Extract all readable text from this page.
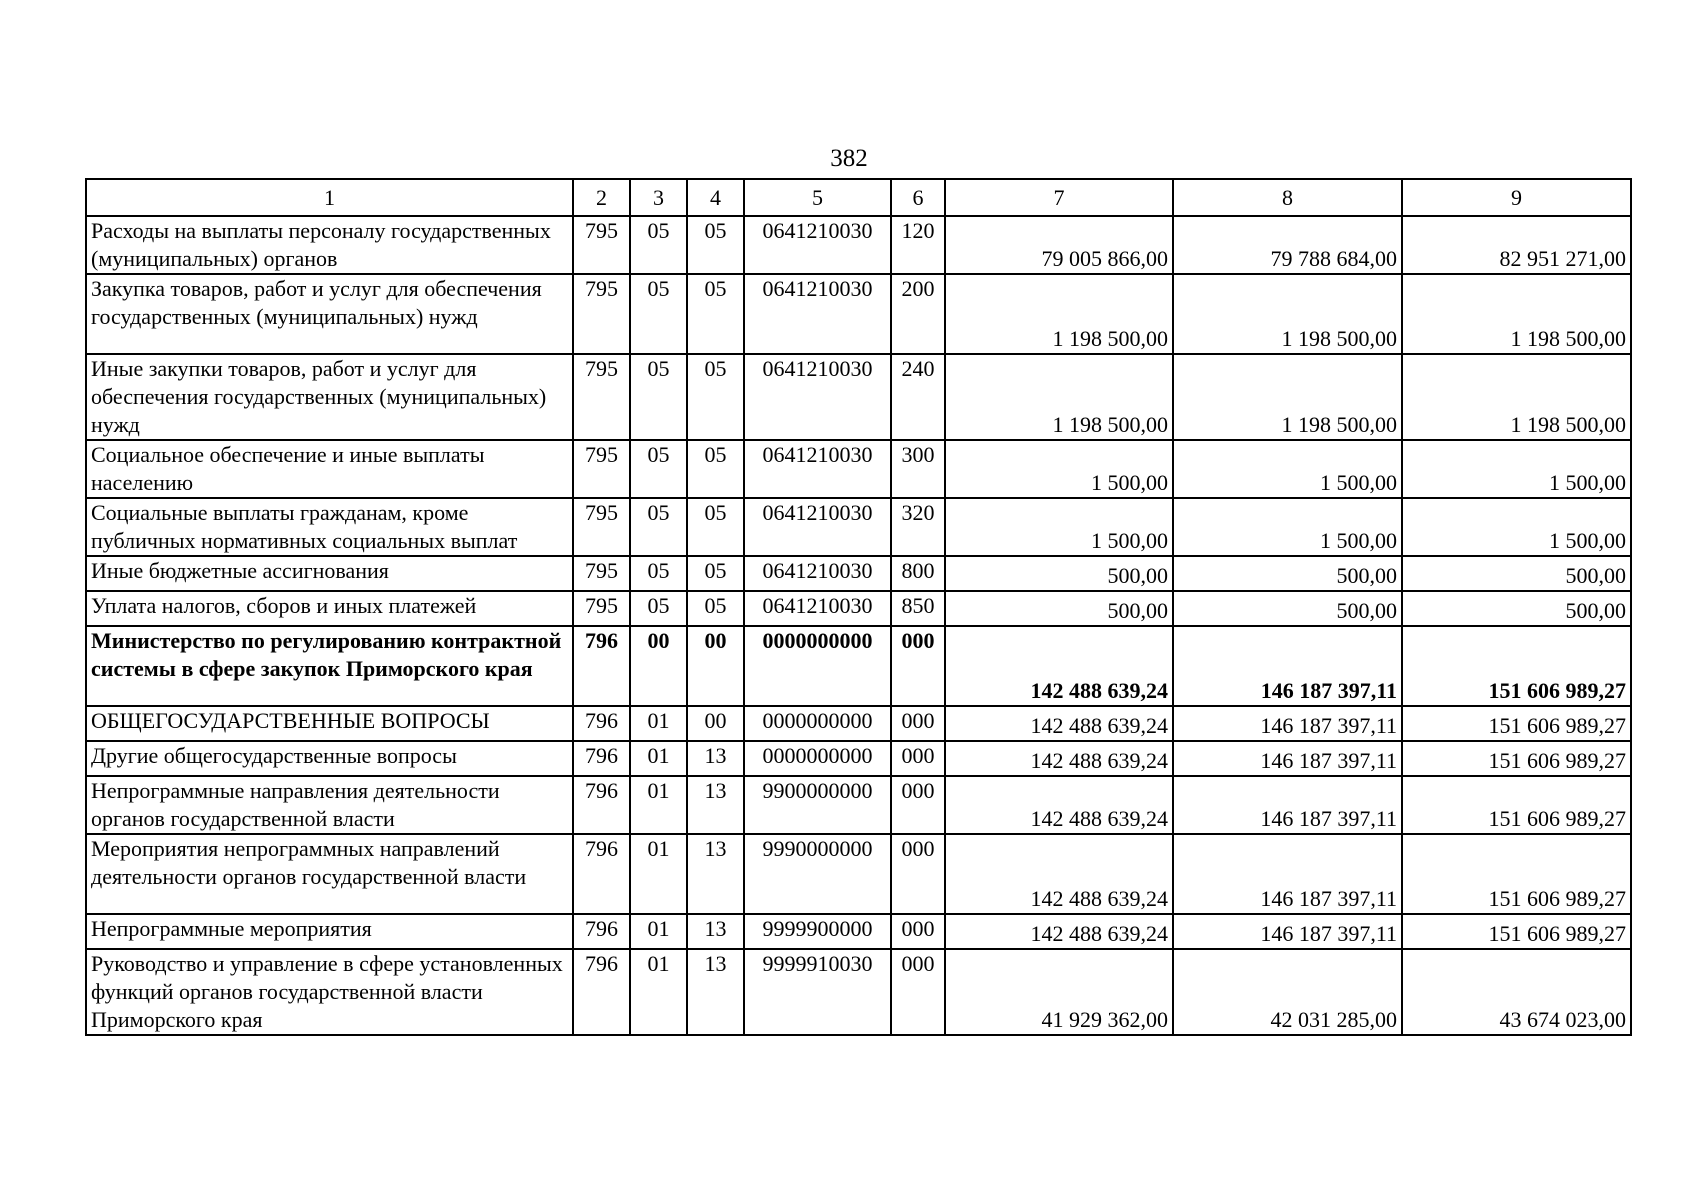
382
1	2	3	4	5	6	7	8	9
Расходы на выплаты персоналу государственных (муниципальных) органов	795	05	05	0641210030	120	79 005 866,00	79 788 684,00	82 951 271,00
Закупка товаров, работ и услуг для обеспечения государственных (муниципальных) нужд	795	05	05	0641210030	200	1 198 500,00	1 198 500,00	1 198 500,00
Иные закупки товаров, работ и услуг для обеспечения государственных (муниципальных) нужд	795	05	05	0641210030	240	1 198 500,00	1 198 500,00	1 198 500,00
Социальное обеспечение и иные выплаты населению	795	05	05	0641210030	300	1 500,00	1 500,00	1 500,00
Социальные выплаты гражданам, кроме публичных нормативных социальных выплат	795	05	05	0641210030	320	1 500,00	1 500,00	1 500,00
Иные бюджетные ассигнования	795	05	05	0641210030	800	500,00	500,00	500,00
Уплата налогов, сборов и иных платежей	795	05	05	0641210030	850	500,00	500,00	500,00
Министерство по регулированию контрактной системы в сфере закупок Приморского края	796	00	00	0000000000	000	142 488 639,24	146 187 397,11	151 606 989,27
ОБЩЕГОСУДАРСТВЕННЫЕ ВОПРОСЫ	796	01	00	0000000000	000	142 488 639,24	146 187 397,11	151 606 989,27
Другие общегосударственные вопросы	796	01	13	0000000000	000	142 488 639,24	146 187 397,11	151 606 989,27
Непрограммные направления деятельности органов государственной власти	796	01	13	9900000000	000	142 488 639,24	146 187 397,11	151 606 989,27
Мероприятия непрограммных направлений деятельности органов государственной власти	796	01	13	9990000000	000	142 488 639,24	146 187 397,11	151 606 989,27
Непрограммные мероприятия	796	01	13	9999900000	000	142 488 639,24	146 187 397,11	151 606 989,27
Руководство и управление в сфере установленных функций органов государственной власти Приморского края	796	01	13	9999910030	000	41 929 362,00	42 031 285,00	43 674 023,00
